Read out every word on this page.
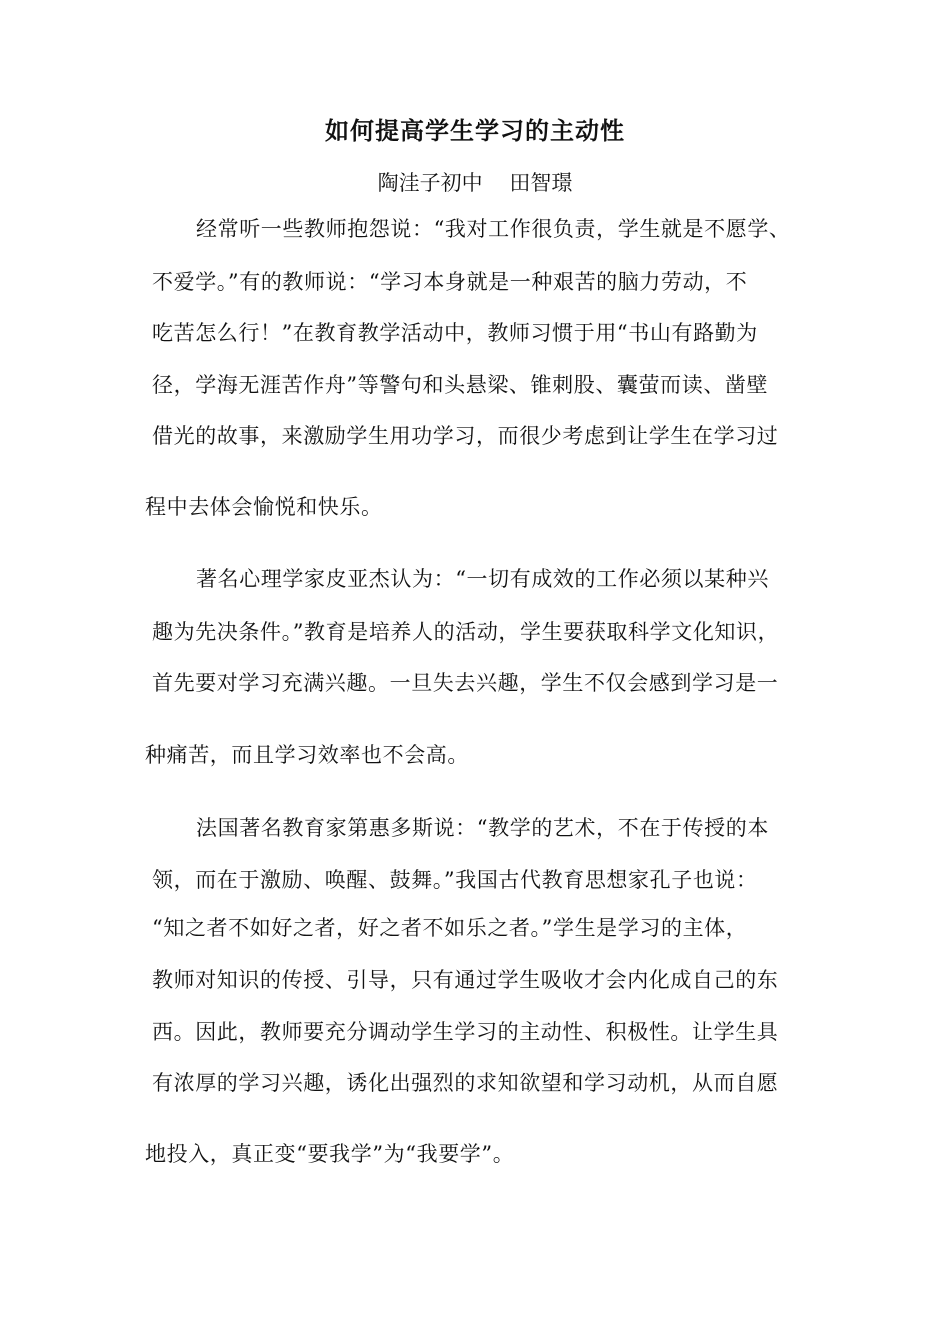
如何提高学生学习的主动性
陶洼子初中    田智璟
经常听一些教师抱怨说：“我对工作很负责，学生就是不愿学、
不爱学。”有的教师说：“学习本身就是一种艰苦的脑力劳动，不
吃苦怎么行！”在教育教学活动中，教师习惯于用“书山有路勤为
径，学海无涯苦作舟”等警句和头悬梁、锥刺股、囊萤而读、凿壁
借光的故事，来激励学生用功学习，而很少考虑到让学生在学习过
程中去体会愉悦和快乐。
著名心理学家皮亚杰认为：“一切有成效的工作必须以某种兴
趣为先决条件。”教育是培养人的活动，学生要获取科学文化知识，
首先要对学习充满兴趣。一旦失去兴趣，学生不仅会感到学习是一
种痛苦，而且学习效率也不会高。
法国著名教育家第惠多斯说：“教学的艺术，不在于传授的本
领，而在于激励、唤醒、鼓舞。”我国古代教育思想家孔子也说：
“知之者不如好之者，好之者不如乐之者。”学生是学习的主体，
教师对知识的传授、引导，只有通过学生吸收才会内化成自己的东
西。因此，教师要充分调动学生学习的主动性、积极性。让学生具
有浓厚的学习兴趣，诱化出强烈的求知欲望和学习动机，从而自愿
地投入，真正变“要我学”为“我要学”。
